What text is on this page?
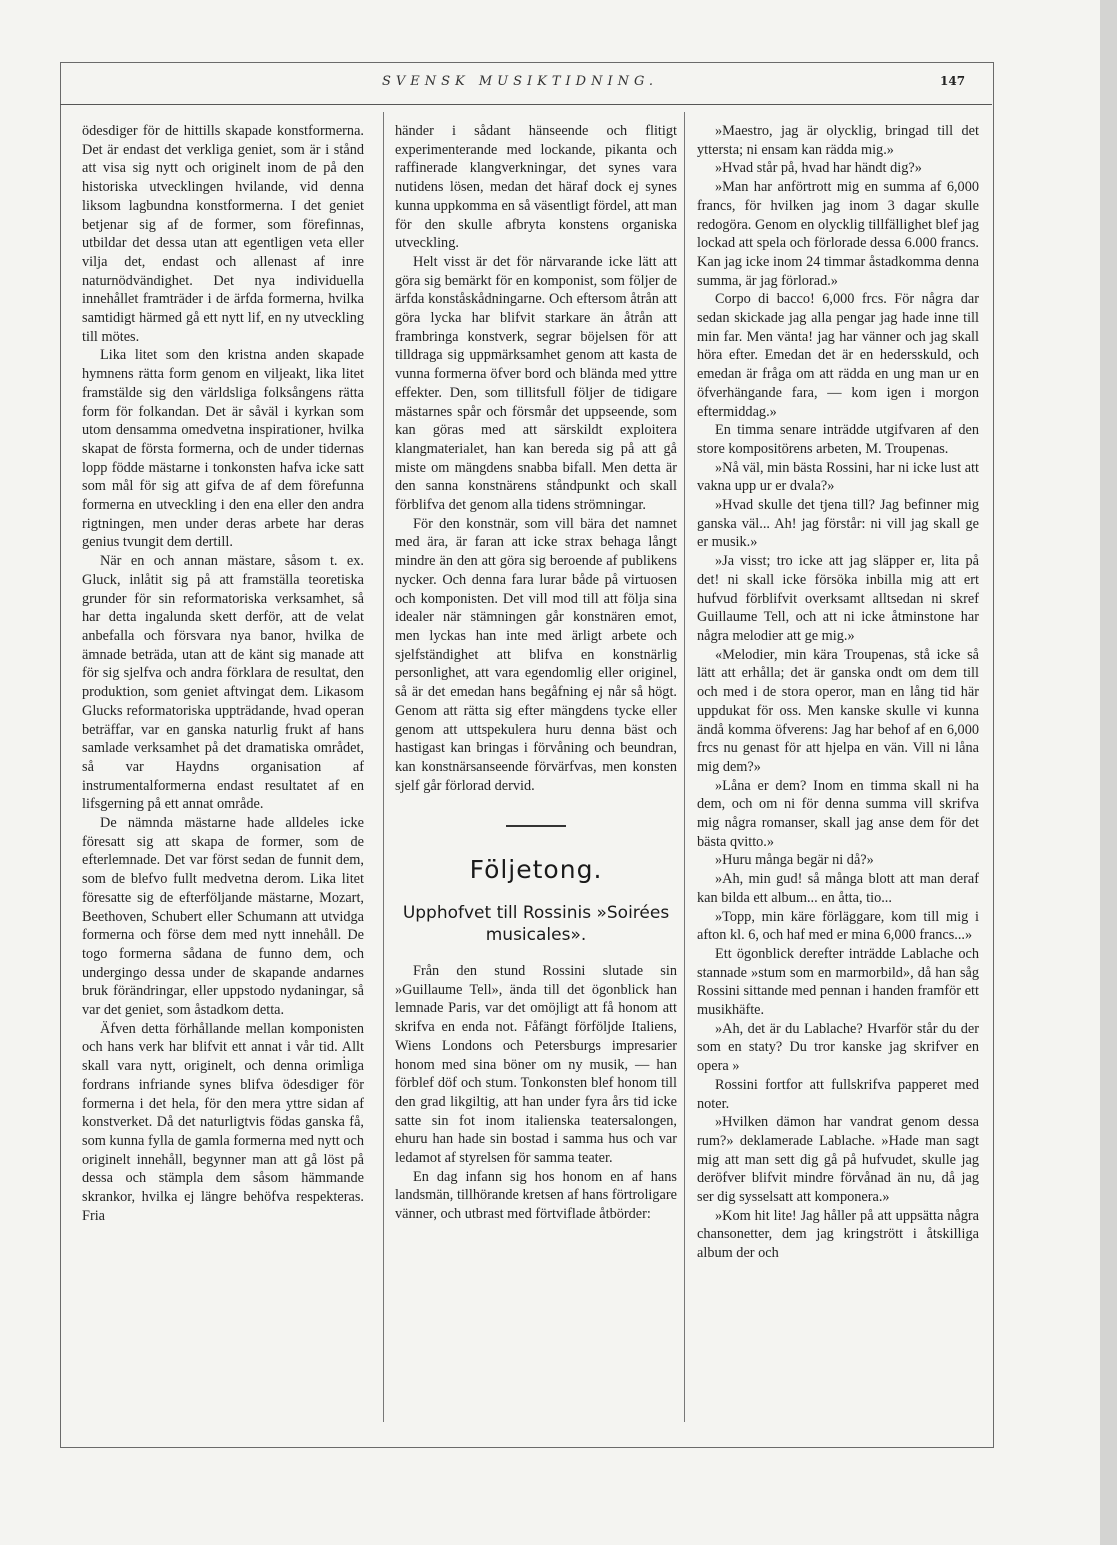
SVENSK MUSIKTIDNING.	147

ödesdiger för de hittills skapade konstformerna. Det är endast det verkliga geniet, som är i stånd att visa sig nytt och originelt inom de på den historiska utvecklingen hvilande, vid denna liksom lagbundna konstformerna. I det geniet betjenar sig af de former, som förefinnas, utbildar det dessa utan att egentligen veta eller vilja det, endast och allenast af inre naturnödvändighet. Det nya individuella innehållet framträder i de ärfda formerna, hvilka samtidigt härmed gå ett nytt lif, en ny utveckling till mötes.

Lika litet som den kristna anden skapade hymnens rätta form genom en viljeakt, lika litet framstälde sig den världsliga folksångens rätta form för folkandan. Det är såväl i kyrkan som utom densamma omedvetna inspirationer, hvilka skapat de första formerna, och de under tidernas lopp födde mästarne i tonkonsten hafva icke satt som mål för sig att gifva de af dem förefunna formerna en utveckling i den ena eller den andra rigtningen, men under deras arbete har deras genius tvungit dem dertill.

När en och annan mästare, såsom t. ex. Gluck, inlåtit sig på att framställa teoretiska grunder för sin reformatoriska verksamhet, så har detta ingalunda skett derför, att de velat anbefalla och försvara nya banor, hvilka de ämnade beträda, utan att de känt sig manade att för sig sjelfva och andra förklara de resultat, den produktion, som geniet aftvingat dem. Likasom Glucks reformatoriska uppträdande, hvad operan beträffar, var en ganska naturlig frukt af hans samlade verksamhet på det dramatiska området, så var Haydns organisation af instrumentalformerna endast resultatet af en lifsgerning på ett annat område.

De nämnda mästarne hade alldeles icke föresatt sig att skapa de former, som de efterlemnade. Det var först sedan de funnit dem, som de blefvo fullt medvetna derom. Lika litet föresatte sig de efterföljande mästarne, Mozart, Beethoven, Schubert eller Schumann att utvidga formerna och förse dem med nytt innehåll. De togo formerna sådana de funno dem, och undergingo dessa under de skapande andarnes bruk förändringar, eller uppstodo nydaningar, så var det geniet, som åstadkom detta.

Äfven detta förhållande mellan komponisten och hans verk har blifvit ett annat i vår tid. Allt skall vara nytt, originelt, och denna oriml̇iga fordrans infriande synes blifva ödesdiger för formerna i det hela, för den mera yttre sidan af konstverket. Då det naturligtvis födas ganska få, som kunna fylla de gamla formerna med nytt och originelt innehåll, begynner man att gå löst på dessa och stämpla dem såsom hämmande skrankor, hvilka ej längre behöfva respekteras. Fria

händer i sådant hänseende och flitigt experimenterande med lockande, pikanta och raffinerade klangverkningar, det synes vara nutidens lösen, medan det häraf dock ej synes kunna uppkomma en så väsentligt fördel, att man för den skulle afbryta konstens organiska utveckling.

Helt visst är det för närvarande icke lätt att göra sig bemärkt för en komponist, som följer de ärfda konståskådningarne. Och eftersom åtrån att göra lycka har blifvit starkare än åtrån att frambringa konstverk, segrar böjelsen för att tilldraga sig uppmärksamhet genom att kasta de vunna formerna öfver bord och blända med yttre effekter. Den, som tillitsfull följer de tidigare mästarnes spår och försmår det uppseende, som kan göras med att särskildt exploitera klangmaterialet, han kan bereda sig på att gå miste om mängdens snabba bifall. Men detta är den sanna konstnärens ståndpunkt och skall förblifva det genom alla tidens strömningar.

För den konstnär, som vill bära det namnet med ära, är faran att icke strax behaga långt mindre än den att göra sig beroende af publikens nycker. Och denna fara lurar både på virtuosen och komponisten. Det vill mod till att följa sina idealer när stämningen går konstnären emot, men lyckas han inte med ärligt arbete och sjelfständighet att blifva en konstnärlig personlighet, att vara egendomlig eller originel, så är det emedan hans begåfning ej når så högt. Genom att rätta sig efter mängdens tycke eller genom att uttspekulera huru denna bäst och hastigast kan bringas i förvåning och beundran, kan konstnärsanseende förvärfvas, men konsten sjelf går förlorad dervid.

Följetong.
Upphofvet till Rossinis »Soirées musicales».

Från den stund Rossini slutade sin »Guillaume Tell», ända till det ögonblick han lemnade Paris, var det omöjligt att få honom att skrifva en enda not. Fåfängt förföljde Italiens, Wiens Londons och Petersburgs impresarier honom med sina böner om ny musik, — han förblef döf och stum. Tonkonsten blef honom till den grad likgiltig, att han under fyra års tid icke satte sin fot inom italienska teatersalongen, ehuru han hade sin bostad i samma hus och var ledamot af styrelsen för samma teater.

En dag infann sig hos honom en af hans landsmän, tillhörande kretsen af hans förtroligare vänner, och utbrast med förtviflade åtbörder:

»Maestro, jag är olycklig, bringad till det yttersta; ni ensam kan rädda mig.»

»Hvad står på, hvad har händt dig?»

»Man har anförtrott mig en summa af 6,000 francs, för hvilken jag inom 3 dagar skulle redogöra. Genom en olycklig tillfällighet blef jag lockad att spela och förlorade dessa 6.000 francs. Kan jag icke inom 24 timmar åstadkomma denna summa, är jag förlorad.»

Corpo di bacco! 6,000 frcs. För några dar sedan skickade jag alla pengar jag hade inne till min far. Men vänta! jag har vänner och jag skall höra efter. Emedan det är en hedersskuld, och emedan är fråga om att rädda en ung man ur en öfverhängande fara, — kom igen i morgon eftermiddag.»

En timma senare inträdde utgifvaren af den store kompositörens arbeten, M. Troupenas.

»Nå väl, min bästa Rossini, har ni icke lust att vakna upp ur er dvala?»

»Hvad skulle det tjena till? Jag befinner mig ganska väl... Ah! jag förstår: ni vill jag skall ge er musik.»

»Ja visst; tro icke att jag släpper er, lita på det! ni skall icke försöka inbilla mig att ert hufvud förblifvit overksamt alltsedan ni skref Guillaume Tell, och att ni icke åtminstone har några melodier att ge mig.»

«Melodier, min kära Troupenas, stå icke så lätt att erhålla; det är ganska ondt om dem till och med i de stora operor, man en lång tid här uppdukat för oss. Men kanske skulle vi kunna ändå komma öfverens: Jag har behof af en 6,000 frcs nu genast för att hjelpa en vän. Vill ni låna mig dem?»

»Låna er dem? Inom en timma skall ni ha dem, och om ni för denna summa vill skrifva mig några romanser, skall jag anse dem för det bästa qvitto.»

»Huru många begär ni då?»

»Ah, min gud! så många blott att man deraf kan bilda ett album... en åtta, tio...

»Topp, min käre förläggare, kom till mig i afton kl. 6, och haf med er mina 6,000 francs...»

Ett ögonblick derefter inträdde Lablache och stannade »stum som en marmorbild», då han såg Rossini sittande med pennan i handen framför ett musikhäfte.

»Ah, det är du Lablache? Hvarför står du der som en staty? Du tror kanske jag skrifver en opera »

Rossini fortfor att fullskrifva papperet med noter.

»Hvilken dämon har vandrat genom dessa rum?» deklamerade Lablache. »Hade man sagt mig att man sett dig gå på hufvudet, skulle jag deröfver blifvit mindre förvånad än nu, då jag ser dig sysselsatt att komponera.»

»Kom hit lite! Jag håller på att uppsätta några chansonetter, dem jag kringstrött i åtskilliga album der och
